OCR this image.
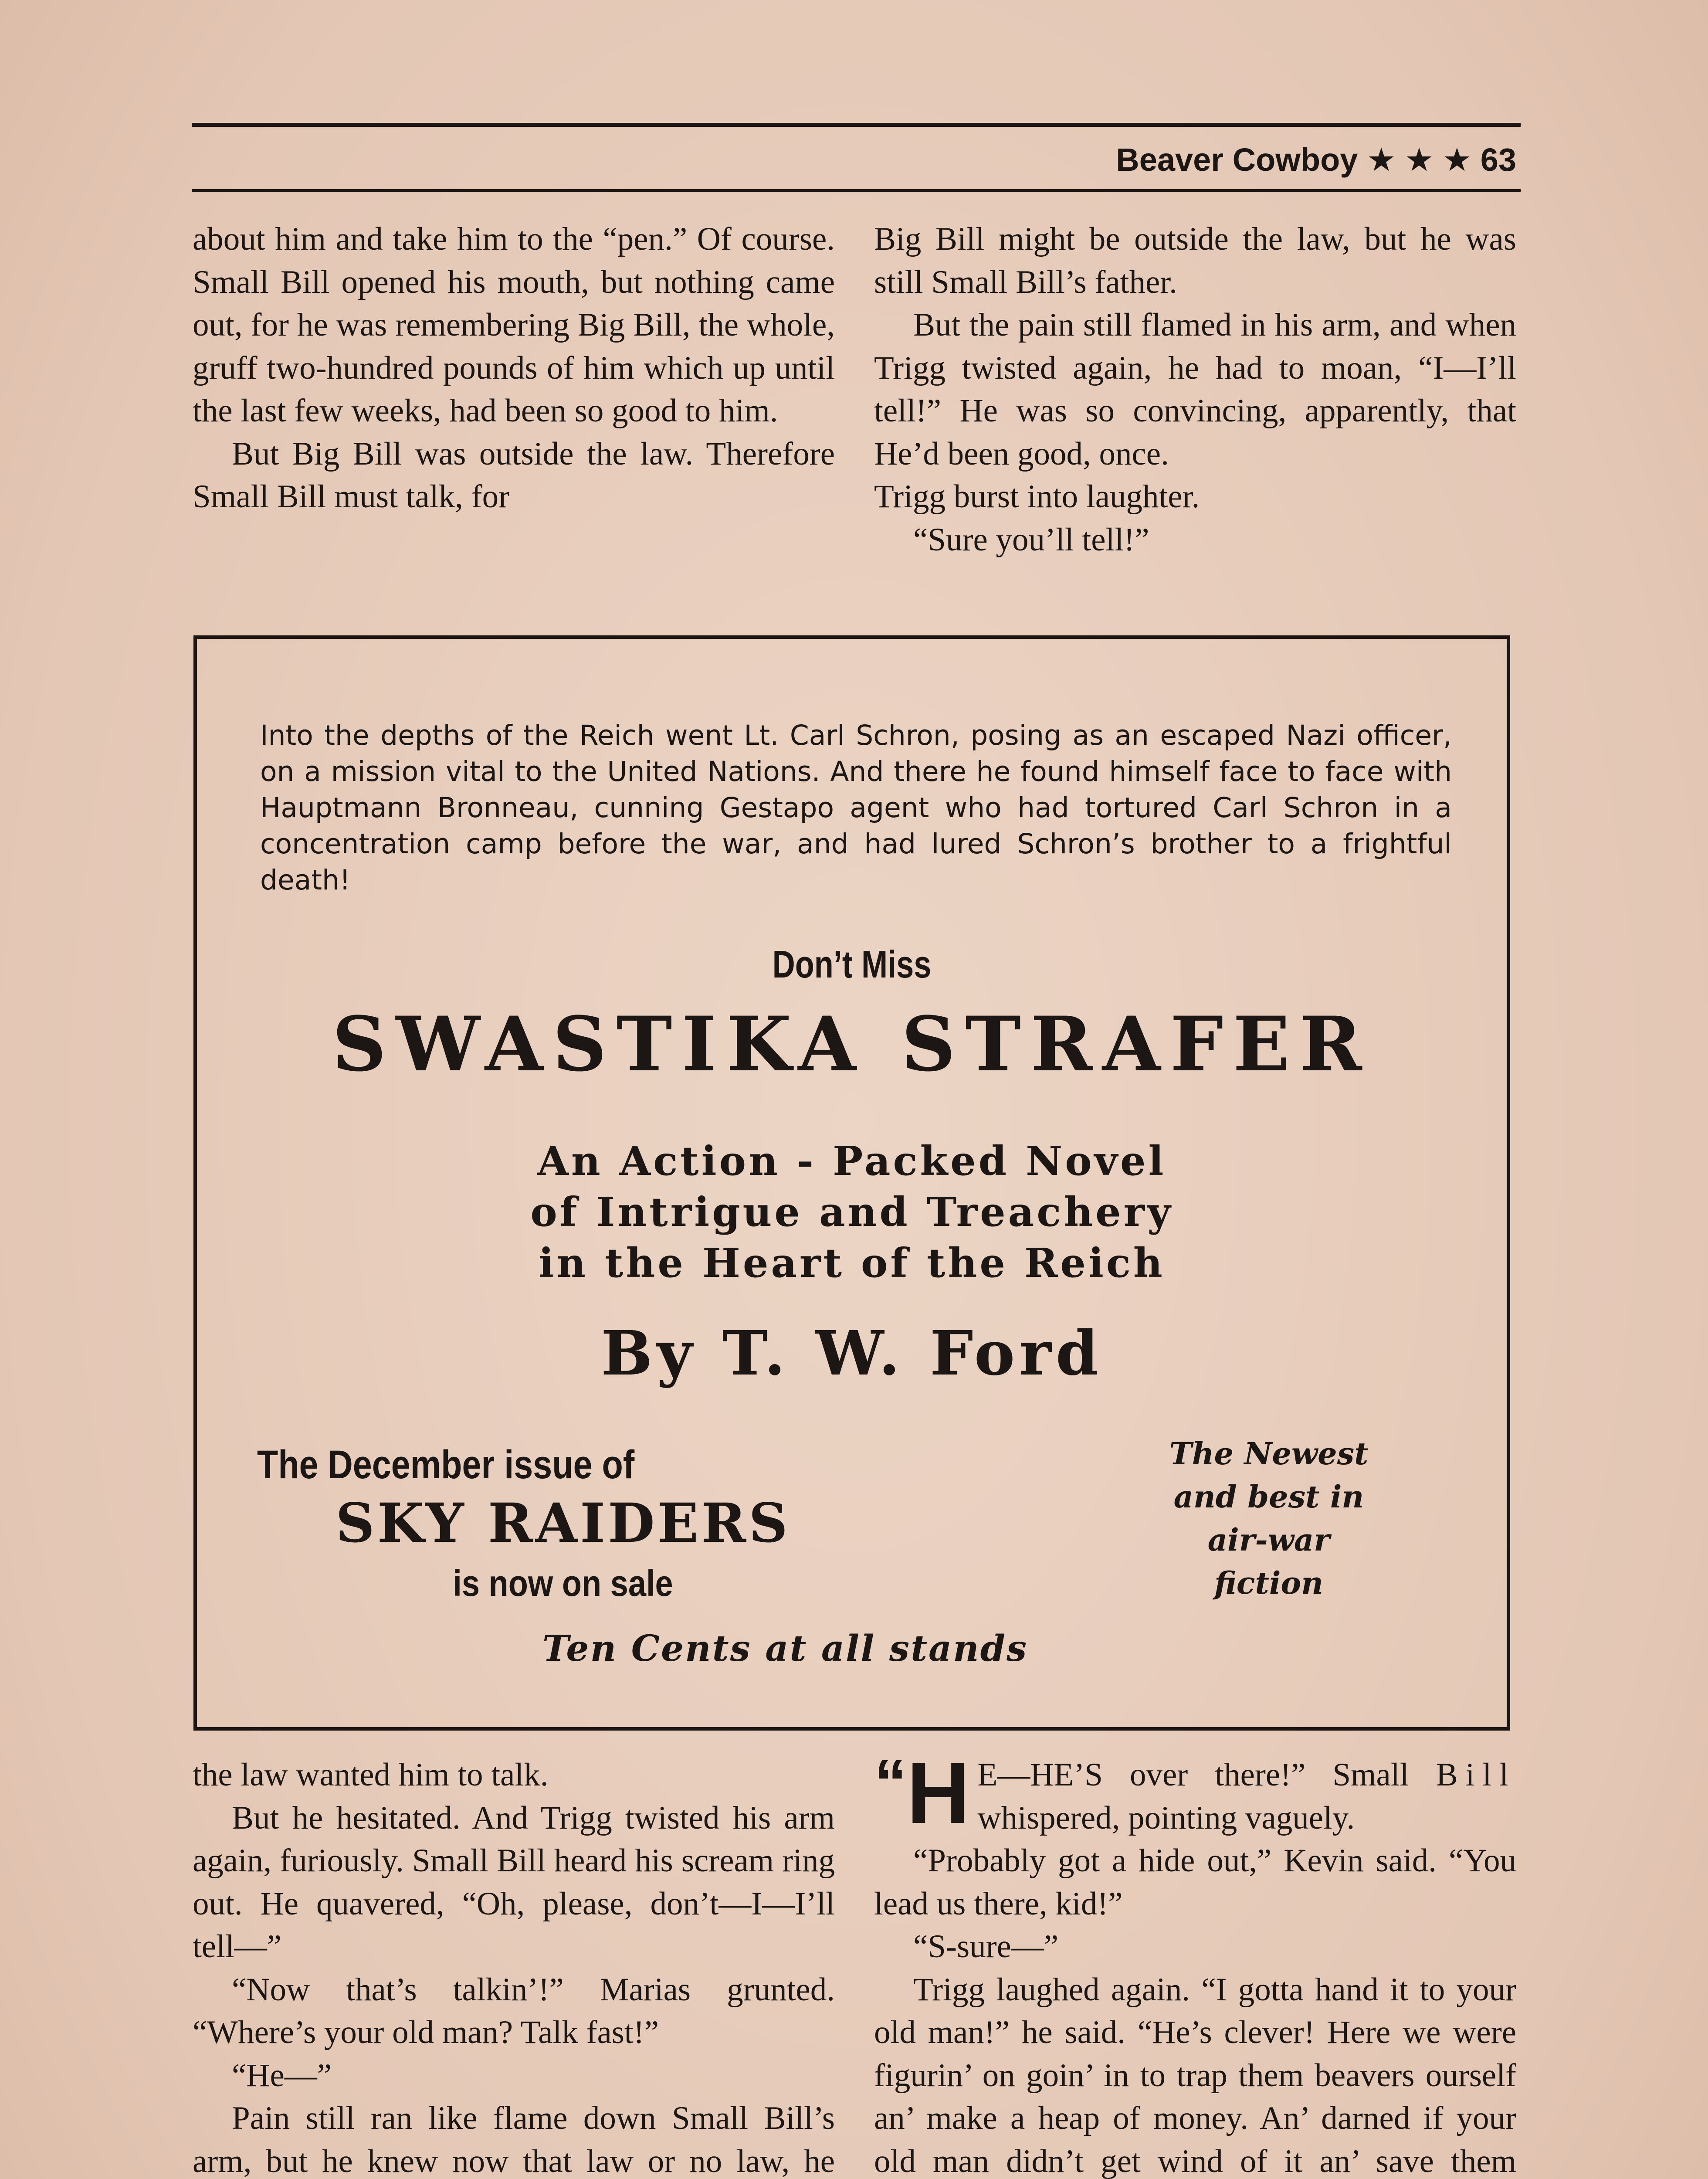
Beaver Cowboy ★ ★ ★ 63

about him and take him to the “pen.” Of course. Small Bill opened his mouth, but nothing came out, for he was remembering Big Bill, the whole, gruff two-hundred pounds of him which up until the last few weeks, had been so good to him.

But Big Bill was outside the law. Therefore Small Bill must talk, for

Big Bill might be outside the law, but he was still Small Bill’s father.

But the pain still flamed in his arm, and when Trigg twisted again, he had to moan, “I—I’ll tell!” He was so convincing, apparently, that He’d been good, once.

Trigg burst into laughter.

“Sure you’ll tell!”

Into the depths of the Reich went Lt. Carl Schron, posing as an escaped Nazi officer, on a mission vital to the United Nations. And there he found himself face to face with Hauptmann Bronneau, cunning Gestapo agent who had tortured Carl Schron in a concentration camp before the war, and had lured Schron’s brother to a frightful death!
Don’t Miss
SWASTIKA STRAFER
An Action - Packed Novel
of Intrigue and Treachery
in the Heart of the Reich
By T. W. Ford
The December issue of
SKY RAIDERS
is now on sale
The Newest
and best in
air-war
fiction
Ten Cents at all stands

the law wanted him to talk.

But he hesitated. And Trigg twisted his arm again, furiously. Small Bill heard his scream ring out. He quavered, “Oh, please, don’t—I—I’ll tell—”

“Now that’s talkin’!” Marias grunted. “Where’s your old man? Talk fast!”

“He—”

Pain still ran like flame down Small Bill’s arm, but he knew now that law or no law, he

“H E—HE’S over there!” Small Bill whispered, pointing vaguely.

“Probably got a hide out,” Kevin said. “You lead us there, kid!”

“S-sure—”

Trigg laughed again. “I gotta hand it to your old man!” he said. “He’s clever! Here we were figurin’ on goin’ in to trap them beavers ourself an’ make a heap of money. An’ darned if your old man didn’t get wind of it an’ save them
